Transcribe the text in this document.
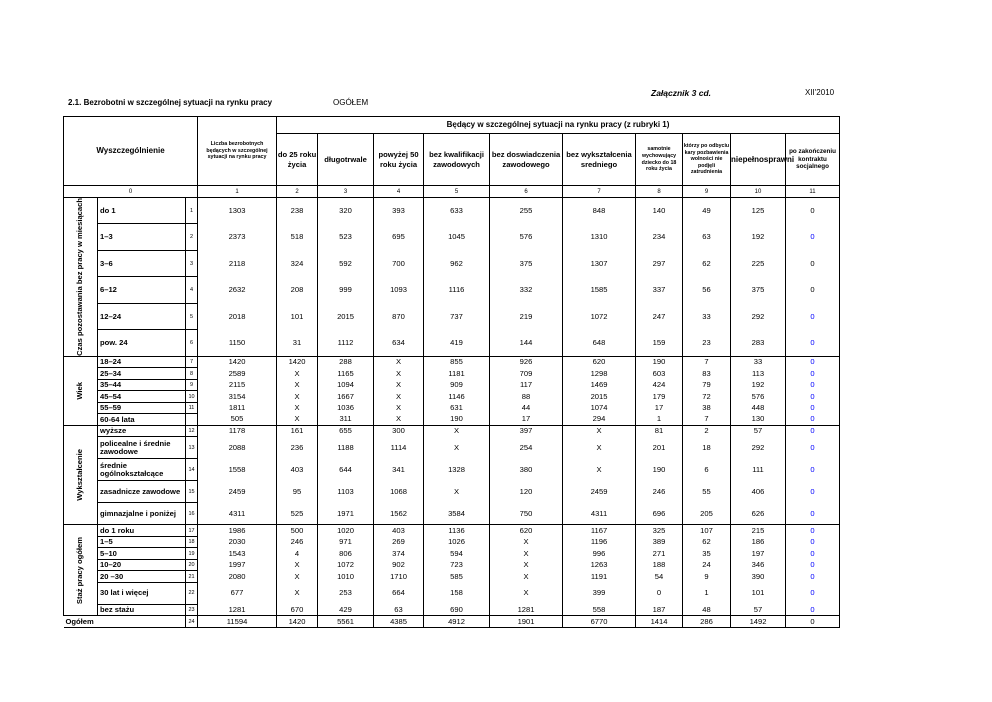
Załącznik 3 cd.	XII'2010
2.1. Bezrobotni w szczególnej sytuacji na rynku pracy	OGÓŁEM
Wyszczególnienie			Liczba bezrobotnych będących w szczególnej sytuacji na rynku pracy	Będący w szczególnej sytuacji na rynku pracy (z rubryki 1)									
				do 25 roku życia	długotrwale	powyżej 50 roku życia	bez kwalifikacji zawodowych	bez doswiadczenia zawodowego	bez wykształcenia sredniego	samotnie wychowujący dziecko do 18 roku życia	którzy po odbyciu kary pozbawienia wolności nie podjęli zatrudnienia	niepełnosprawni	po zakończeniu kontraktu socjalnego
0			1	2	3	4	5	6	7	8	9	10	11

Czas pozostawania bez pracy w miesiącach	do 1	1	1303	238	320	393	633	255	848	140	49	125	0
	1–3	2	2373	518	523	695	1045	576	1310	234	63	192	0
	3–6	3	2118	324	592	700	962	375	1307	297	62	225	0
	6–12	4	2632	208	999	1093	1116	332	1585	337	56	375	0
	12–24	5	2018	101	2015	870	737	219	1072	247	33	292	0
	pow. 24	6	1150	31	1112	634	419	144	648	159	23	283	0

Wiek	18–24	7	1420	1420	288	X	855	926	620	190	7	33	0
	25–34	8	2589	X	1165	X	1181	709	1298	603	83	113	0
	35–44	9	2115	X	1094	X	909	117	1469	424	79	192	0
	45–54	10	3154	X	1667	X	1146	88	2015	179	72	576	0
	55–59	11	1811	X	1036	X	631	44	1074	17	38	448	0
	60-64 lata		505	X	311	X	190	17	294	1	7	130	0

Wykształcenie	wyższe	12	1178	161	655	300	X	397	X	81	2	57	0
	policealne i średnie zawodowe	13	2088	236	1188	1114	X	254	X	201	18	292	0
	średnie ogólnokształcące	14	1558	403	644	341	1328	380	X	190	6	111	0
	zasadnicze zawodowe	15	2459	95	1103	1068	X	120	2459	246	55	406	0
	gimnazjalne i poniżej	16	4311	525	1971	1562	3584	750	4311	696	205	626	0

Staż pracy ogółem	do 1 roku	17	1986	500	1020	403	1136	620	1167	325	107	215	0
	1–5	18	2030	246	971	269	1026	X	1196	389	62	186	0
	5–10	19	1543	4	806	374	594	X	996	271	35	197	0
	10–20	20	1997	X	1072	902	723	X	1263	188	24	346	0
	20 –30	21	2080	X	1010	1710	585	X	1191	54	9	390	0
	30 lat i więcej	22	677	X	253	664	158	X	399	0	1	101	0
	bez stażu	23	1281	670	429	63	690	1281	558	187	48	57	0
Ogółem		24	11594	1420	5561	4385	4912	1901	6770	1414	286	1492	0
